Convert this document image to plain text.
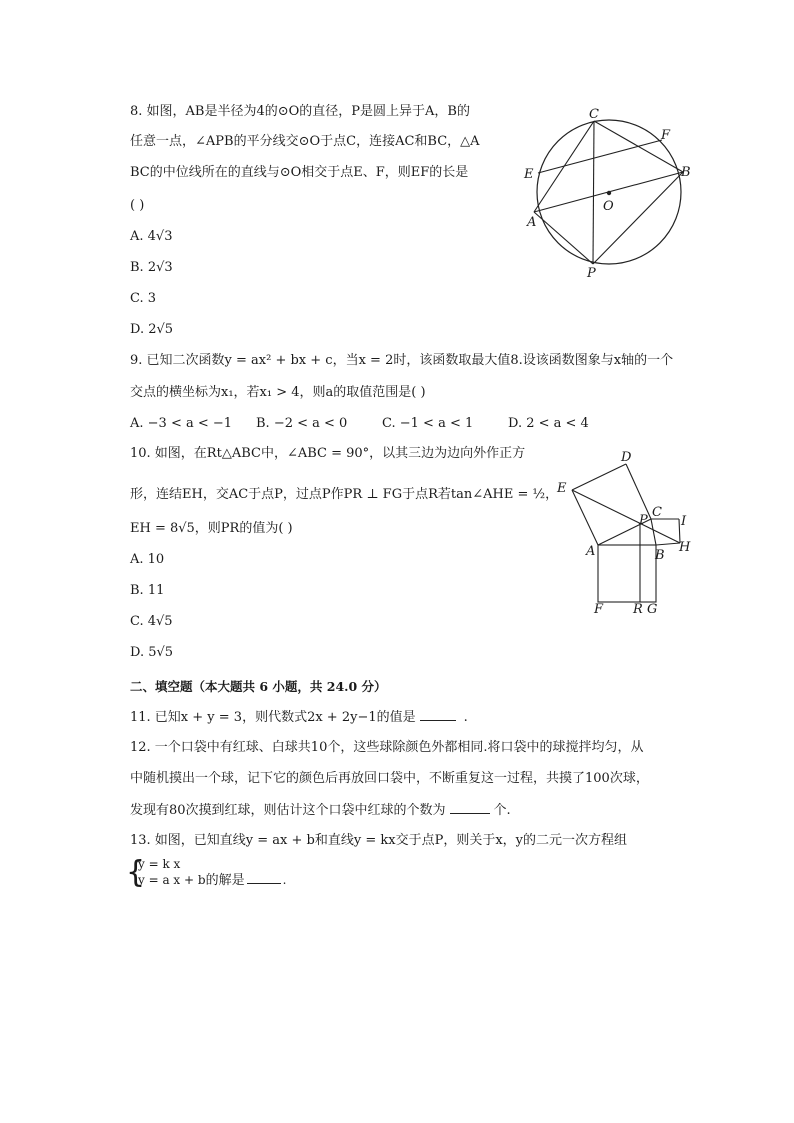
8. 如图，AB是半径为4的⊙O的直径，P是圆上异于A，B的
任意一点，∠APB的平分线交⊙O于点C，连接AC和BC，△A
BC的中位线所在的直线与⊙O相交于点E、F，则EF的长是
( )
A. 4√3
B. 2√3
C. 3
D. 2√5
C
F
E	B
O
A
P
9. 已知二次函数y = ax² + bx + c，当x = 2时，该函数取最大值8.设该函数图象与x轴的一个
交点的横坐标为x₁，若x₁ > 4，则a的取值范围是( )
A. −3 < a < −1 B. −2 < a < 0	C. −1 < a < 1	D. 2 < a < 4
10. 如图，在Rt△ABC中，∠ABC = 90°，以其三边为边向外作正方
形，连结EH，交AC于点P，过点P作PR ⊥ FG于点R若tan∠AHE = ½，
EH = 8√5，则PR的值为( )
A. 10
B. 11
C. 4√5
D. 5√5
D
E
P
C
I
A	B
H
F R G
二、填空题（本大题共 6 小题，共 24.0 分）
11. 已知x + y = 3，则代数式2x + 2y−1的值是	.
12. 一个口袋中有红球、白球共10个，这些球除颜色外都相同.将口袋中的球搅拌均匀，从
中随机摸出一个球，记下它的颜色后再放回口袋中，不断重复这一过程，共摸了100次球，
发现有80次摸到红球，则估计这个口袋中红球的个数为	个.
13. 如图，已知直线y = ax + b和直线y = kx交于点P，则关于x，y的二元一次方程组
{
y = k x
y = a x + b的解是	.
